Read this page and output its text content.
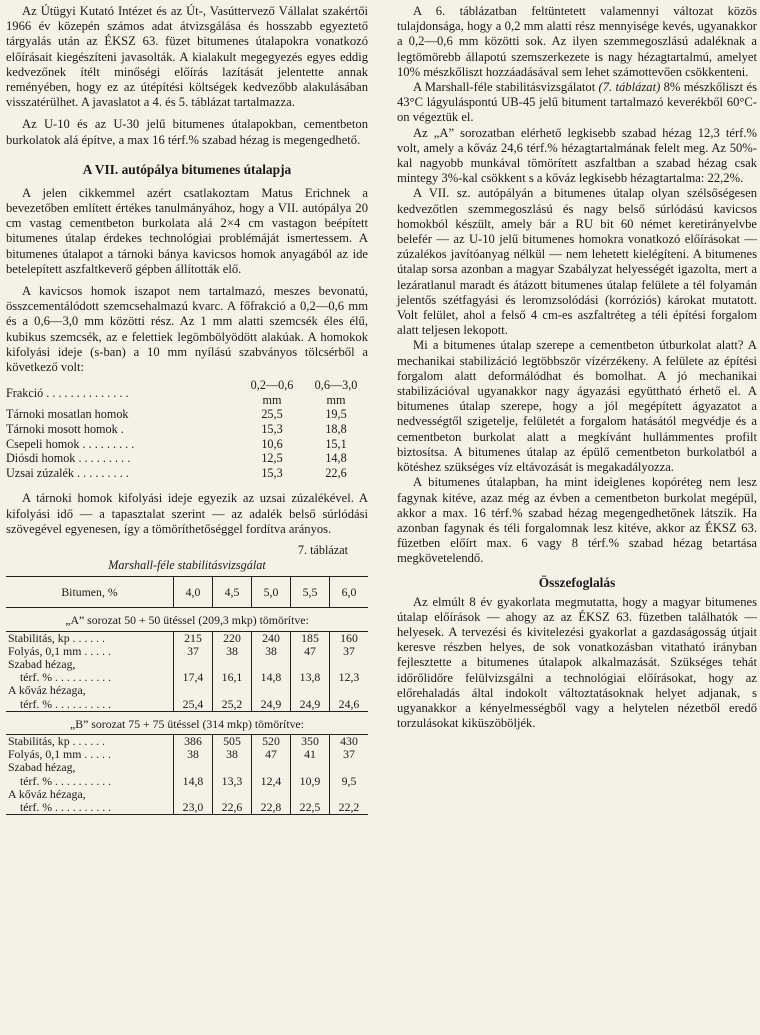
Az Útügyi Kutató Intézet és az Út-, Vasúttervező Vállalat szakértői 1966 év közepén számos adat átvizsgálása és hosszabb egyeztető tárgyalás után az ÉKSZ 63. füzet bitumenes útalapokra vonatkozó előírásait kiegészíteni javasolták. A kialakult megegyezés egyes eddig kedvezőnek ítélt minőségi előírás lazítását jelentette annak reményében, hogy ez az útépítési költségek kedvezőbb alakulásában visszatérülhet. A javaslatot a 4. és 5. táblázat tartalmazza.

Az U-10 és az U-30 jelű bitumenes útalapokban, cementbeton burkolatok alá építve, a max 16 térf.% szabad hézag is megengedhető.

A VII. autópálya bitumenes útalapja

A jelen cikkemmel azért csatlakoztam Matus Erichnek a bevezetőben említett értékes tanulmányához, hogy a VII. autópálya 20 cm vastag cementbeton burkolata alá 2×4 cm vastagon beépített bitumenes útalap érdekes technológiai problémáját ismertessem. A bitumenes útalapot a tárnoki bánya kavicsos homok anyagából az ide betelepített aszfaltkeverő gépben állították elő.

A kavicsos homok iszapot nem tartalmazó, meszes bevonatú, összcementálódott szemcsehalmazú kvarc. A főfrakció a 0,2—0,6 mm és a 0,6—3,0 mm közötti rész. Az 1 mm alatti szemcsék éles élű, kubikus szemcsék, az e felettiek legömbölyödött alakúak. A homokok kifolyási ideje (s-ban) a 10 mm nyílású szabványos tölcsérből a következő volt:

Frakció . . . . . . . . . . . . . .	0,2—0,6 mm	0,6—3,0 mm
Tárnoki mosatlan homok	25,5	19,5
Tárnoki mosott homok .	15,3	18,8
Csepeli homok . . . . . . . . .	10,6	15,1
Diósdi homok . . . . . . . . .	12,5	14,8
Uzsai zúzalék . . . . . . . . .	15,3	22,6

A tárnoki homok kifolyási ideje egyezik az uzsai zúzalékével. A kifolyási idő — a tapasztalat szerint — az adalék belső súrlódási szövegével egyenesen, így a tömöríthetőséggel fordítva arányos.

7. táblázat
Marshall-féle stabilitásvizsgálat
Bitumen, %	4,0	4,5	5,0	5,5	6,0
„A” sorozat 50 + 50 ütéssel (209,3 mkp) tömörítve:					
Stabilitás, kp . . . . . .	215	220	240	185	160
Folyás, 0,1 mm . . . . .	37	38	38	47	37
Szabad hézag,
térf. % . . . . . . . . . .	17,4	16,1	14,8	13,8	12,3
A kőváz hézaga,
térf. % . . . . . . . . . .	25,4	25,2	24,9	24,9	24,6
„B” sorozat 75 + 75 ütéssel (314 mkp) tömörítve:					
Stabilitás, kp . . . . . .	386	505	520	350	430
Folyás, 0,1 mm . . . . .	38	38	47	41	37
Szabad hézag,
térf. % . . . . . . . . . .	14,8	13,3	12,4	10,9	9,5
A kőváz hézaga,
térf. % . . . . . . . . . .	23,0	22,6	22,8	22,5	22,2

A 6. táblázatban feltüntetett valamennyi változat közös tulajdonsága, hogy a 0,2 mm alatti rész mennyisége kevés, ugyanakkor a 0,2—0,6 mm közötti sok. Az ilyen szemmegoszlású adaléknak a legtömörebb állapotú szemszerkezete is nagy hézagtartalmú, amelyet 10% mészkőliszt hozzáadásával sem lehet számottevően csökkenteni.

A Marshall-féle stabilitásvizsgálatot (7. táblázat) 8% mészkőliszt és 43°C lágyuláspontú UB-45 jelű bitument tartalmazó keverékből 60°C-on végeztük el.

Az „A” sorozatban elérhető legkisebb szabad hézag 12,3 térf.% volt, amely a kőváz 24,6 térf.% hézagtartalmának felelt meg. Az 50%-kal nagyobb munkával tömörített aszfaltban a szabad hézag csak mintegy 3%-kal csökkent s a kőváz legkisebb hézagtartalma: 22,2%.

A VII. sz. autópályán a bitumenes útalap olyan szélsőségesen kedvezőtlen szemmegoszlású és nagy belső súrlódású kavicsos homokból készült, amely bár a RU bit 60 német keretirányelvbe belefér — az U-10 jelű bitumenes homokra vonatkozó előírásokat — zúzalékos javítóanyag nélkül — nem lehetett kielégíteni. A bitumenes útalap sorsa azonban a magyar Szabályzat helyességét igazolta, mert a lezáratlanul maradt és átázott bitumenes útalap felülete a tél folyamán jelentős szétfagyási és leromzsolódási (korróziós) károkat mutatott. Volt felület, ahol a felső 4 cm-es aszfaltréteg a téli építési forgalom alatt teljesen lekopott.

Mi a bitumenes útalap szerepe a cementbeton útburkolat alatt? A mechanikai stabilizáció legtöbbször vízérzékeny. A felülete az építési forgalom alatt deformálódhat és bomolhat. A jó mechanikai stabilizációval ugyanakkor nagy ágyazási együttható érhető el. A bitumenes útalap szerepe, hogy a jól megépített ágyazatot a nedvességtől szigetelje, felületét a forgalom hatásától megvédje és a cementbeton burkolat alatt a megkívánt hullámmentes profilt biztosítsa. A bitumenes útalap az épülő cementbeton burkolatból a kötéshez szükséges víz eltávozását is megakadályozza.

A bitumenes útalapban, ha mint ideiglenes kopóréteg nem lesz fagynak kitéve, azaz még az évben a cementbeton burkolat megépül, akkor a max. 16 térf.% szabad hézag megengedhetőnek látszik. Ha azonban fagynak és téli forgalomnak lesz kitéve, akkor az ÉKSZ 63. füzetben előírt max. 6 vagy 8 térf.% szabad hézag betartása megkövetelendő.

Összefoglalás

Az elmúlt 8 év gyakorlata megmutatta, hogy a magyar bitumenes útalap előírások — ahogy az az ÉKSZ 63. füzetben találhatók — helyesek. A tervezési és kivitelezési gyakorlat a gazdaságosság útjait keresve részben helyes, de sok vonatkozásban vitatható irányban fejlesztette a bitumenes útalapok alkalmazását. Szükséges tehát időrőlidőre felülvizsgálni a technológiai előírásokat, hogy az előrehaladás által indokolt változtatásoknak helyet adjanak, s ugyanakkor a kényelmességből vagy a helytelen nézetből eredő torzulásokat kiküszöböljék.
